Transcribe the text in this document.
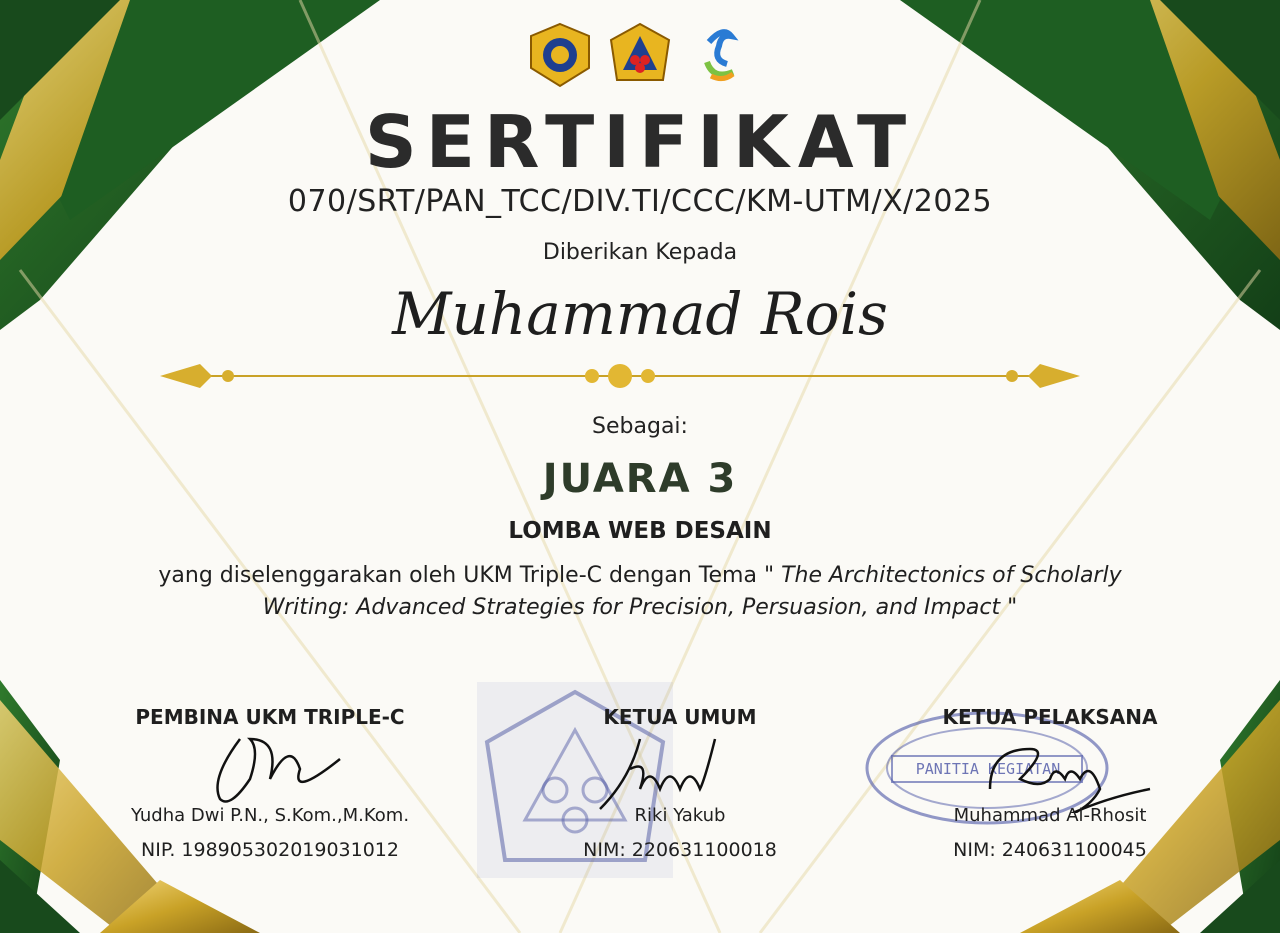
SERTIFIKAT
070/SRT/PAN_TCC/DIV.TI/CCC/KM-UTM/X/2025
Diberikan Kepada
Muhammad Rois
Sebagai:
JUARA 3
LOMBA WEB DESAIN
yang diselenggarakan oleh UKM Triple-C dengan Tema " The Architectonics of Scholarly Writing: Advanced Strategies for Precision, Persuasion, and Impact "
PANITIA KEGIATAN
PEMBINA UKM TRIPLE-C
Yudha Dwi P.N., S.Kom.,M.Kom.
NIP. 198905302019031012
KETUA UMUM
Riki Yakub
NIM: 220631100018
KETUA PELAKSANA
Muhammad Al-Rhosit
NIM: 240631100045
